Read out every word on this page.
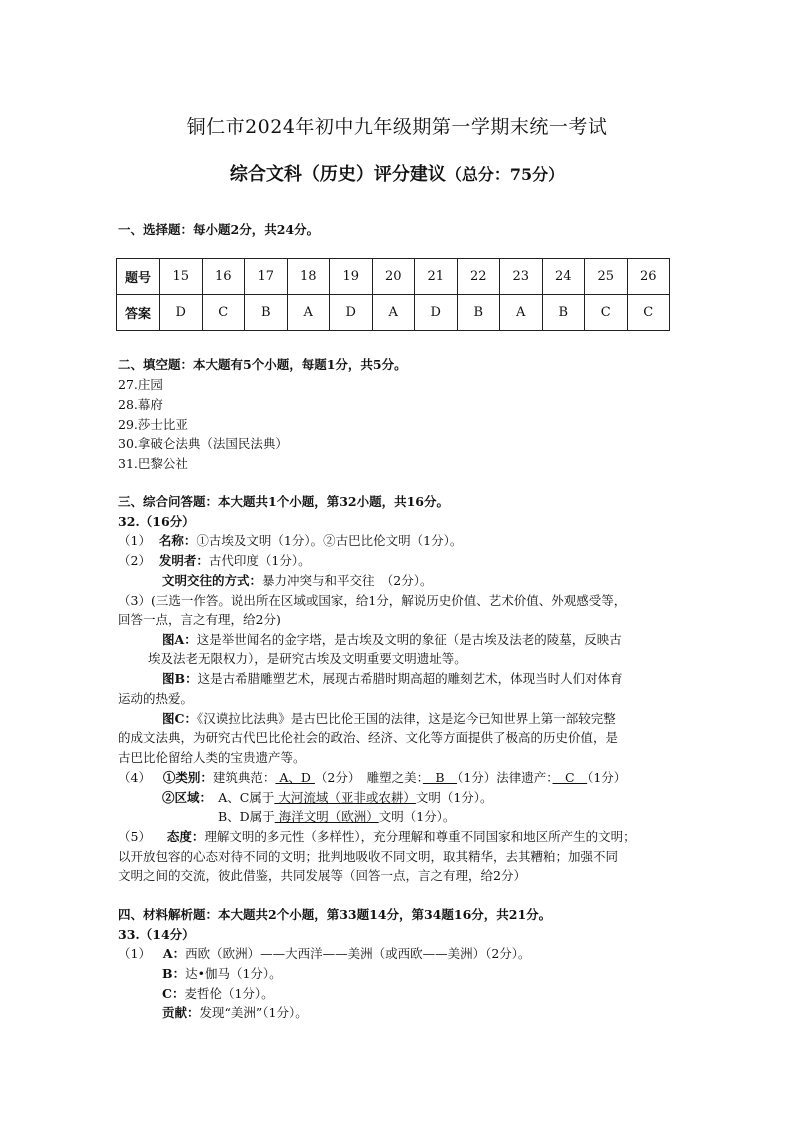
铜仁市2024年初中九年级期第一学期末统一考试
综合文科（历史）评分建议（总分：75分）
一、选择题：每小题2分，共24分。
题号	15	16	17	18	19	20	21	22	23	24	25	26
答案	D	C	B	A	D	A	D	B	A	B	C	C
二、填空题：本大题有5个小题，每题1分，共5分。
27.庄园
28.幕府
29.莎士比亚
30.拿破仑法典（法国民法典）
31.巴黎公社
三、综合问答题：本大题共1个小题，第32小题，共16分。
32.（16分）
（1） 名称：①古埃及文明（1分）。②古巴比伦文明（1分）。
（2） 发明者：古代印度（1分）。
文明交往的方式：暴力冲突与和平交往　（2分）。
（3）(三选一作答。说出所在区域或国家，给1分，解说历史价值、艺术价值、外观感受等，
回答一点，言之有理，给2分)
图A：这是举世闻名的金字塔，是古埃及文明的象征（是古埃及法老的陵墓，反映古
埃及法老无限权力），是研究古埃及文明重要文明遗址等。
图B：这是古希腊雕塑艺术，展现古希腊时期高超的雕刻艺术，体现当时人们对体育
运动的热爱。
图C：《汉谟拉比法典》是古巴比伦王国的法律，这是迄今已知世界上第一部较完整
的成文法典，为研究古代巴比伦社会的政治、经济、文化等方面提供了极高的历史价值，是
古巴比伦留给人类的宝贵遗产等。
（4） ①类别：建筑典范： A、D （2分）　雕塑之美：　B　（1分）法律遗产：　C　（1分）
②区域：　A、C属于 大河流域（亚非或农耕）文明（1分）。
B、D属于 海洋文明（欧洲）文明（1分）。
（5） 态度：理解文明的多元性（多样性），充分理解和尊重不同国家和地区所产生的文明；
以开放包容的心态对待不同的文明；批判地吸收不同文明，取其精华，去其糟粕；加强不同
文明之间的交流，彼此借鉴，共同发展等（回答一点，言之有理，给2分）
四、材料解析题：本大题共2个小题，第33题14分，第34题16分，共21分。
33.（14分）
（1） A：西欧（欧洲）——大西洋——美洲（或西欧——美洲）（2分）。
B：达•伽马（1分）。
C：麦哲伦（1分）。
贡献：发现“美洲”（1分）。
